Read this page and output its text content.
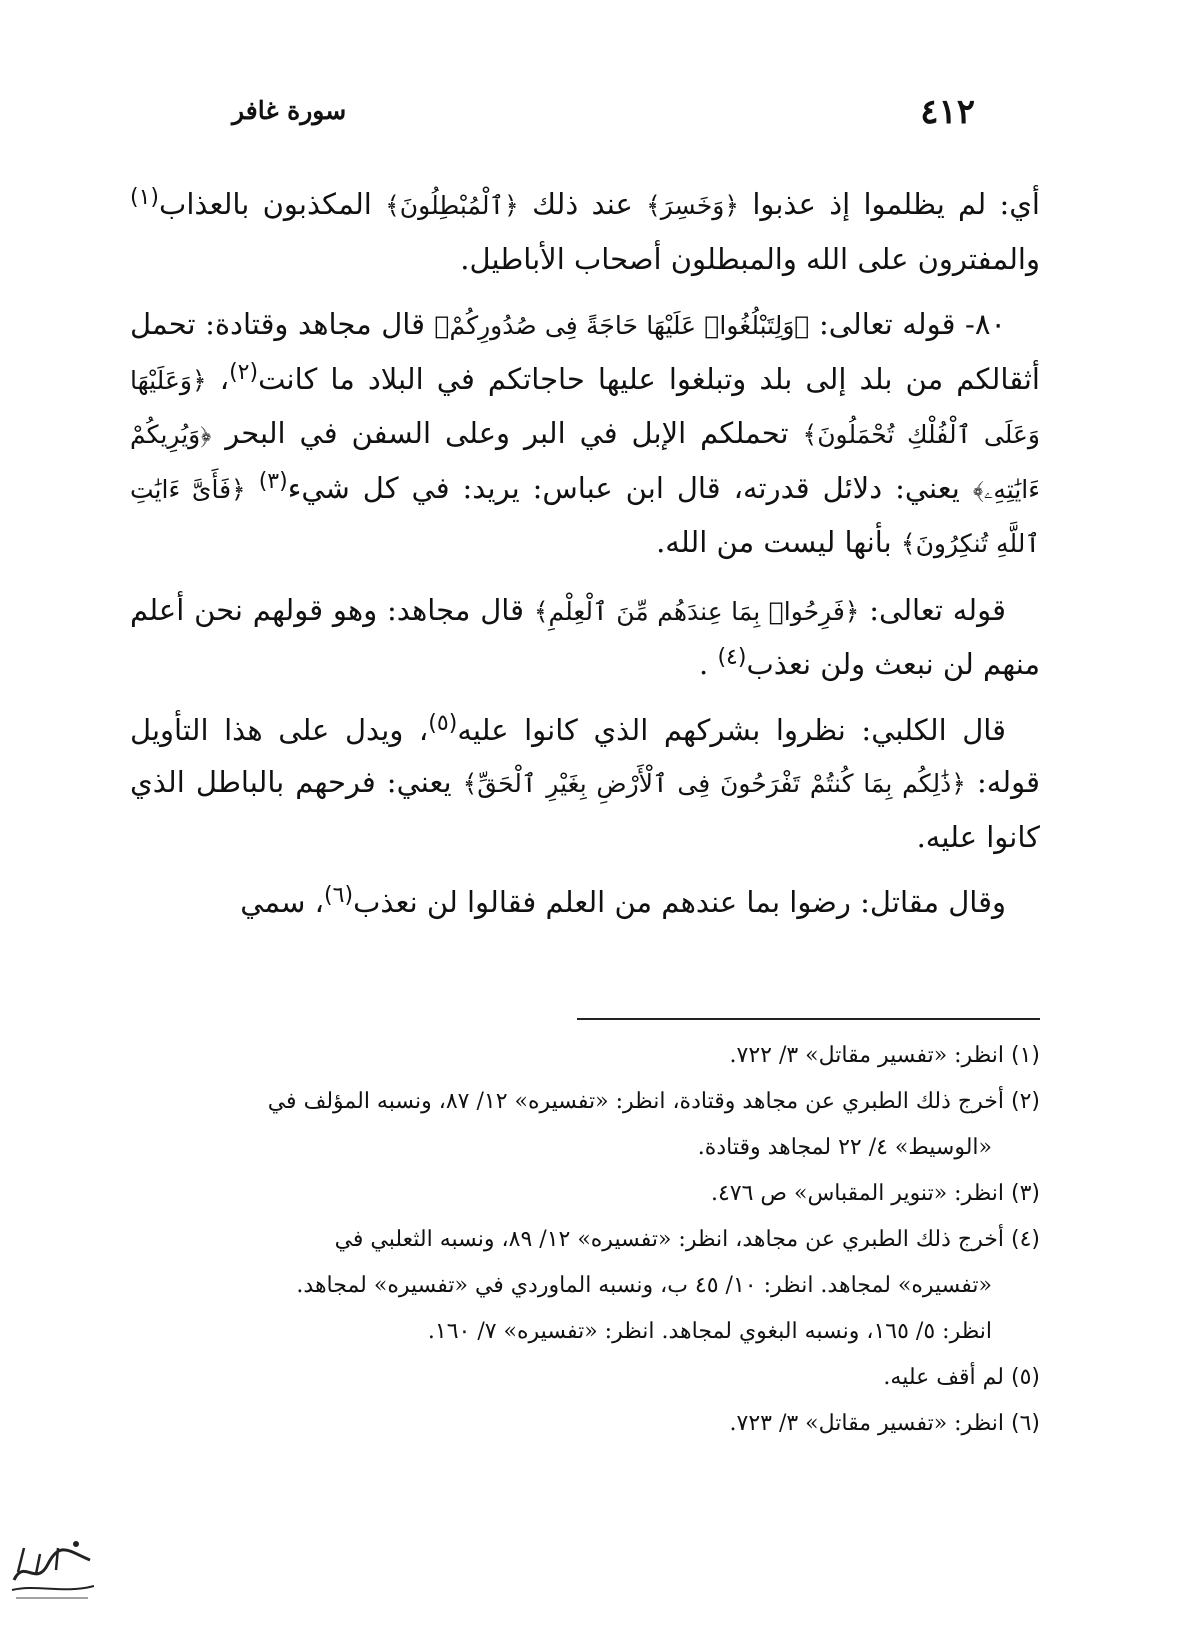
٤١٢
سورة غافر

أي: لم يظلموا إذ عذبوا ﴿وَخَسِرَ﴾ عند ذلك ﴿ٱلْمُبْطِلُونَ﴾ المكذبون بالعذاب$^{(١)}$ والمفترون على الله والمبطلون أصحاب الأباطيل.

٨٠- قوله تعالى: ﴿وَلِتَبْلُغُوا۟ عَلَيْهَا حَاجَةً فِى صُدُورِكُمْ﴾ قال مجاهد وقتادة: تحمل أثقالكم من بلد إلى بلد وتبلغوا عليها حاجاتكم في البلاد ما كانت$^{(٢)}$، ﴿وَعَلَيْهَا وَعَلَى ٱلْفُلْكِ تُحْمَلُونَ﴾ تحملكم الإبل في البر وعلى السفن في البحر ﴿وَيُرِيكُمْ ءَايَٰتِهِۦ﴾ يعني: دلائل قدرته، قال ابن عباس: يريد: في كل شيء$^{(٣)}$ ﴿فَأَىَّ ءَايَٰتِ ٱللَّهِ تُنكِرُونَ﴾ بأنها ليست من الله.

قوله تعالى: ﴿فَرِحُوا۟ بِمَا عِندَهُم مِّنَ ٱلْعِلْمِ﴾ قال مجاهد: وهو قولهم نحن أعلم منهم لن نبعث ولن نعذب$^{(٤)}$ .

قال الكلبي: نظروا بشركهم الذي كانوا عليه$^{(٥)}$، ويدل على هذا التأويل قوله: ﴿ذَٰلِكُم بِمَا كُنتُمْ تَفْرَحُونَ فِى ٱلْأَرْضِ بِغَيْرِ ٱلْحَقِّ﴾ يعني: فرحهم بالباطل الذي كانوا عليه.

وقال مقاتل: رضوا بما عندهم من العلم فقالوا لن نعذب$^{(٦)}$، سمي

(١) انظر: «تفسير مقاتل» ٣/ ٧٢٢.

(٢) أخرج ذلك الطبري عن مجاهد وقتادة، انظر: «تفسيره» ١٢/ ٨٧، ونسبه المؤلف في

«الوسيط» ٤/ ٢٢ لمجاهد وقتادة.

(٣) انظر: «تنوير المقباس» ص ٤٧٦.

(٤) أخرج ذلك الطبري عن مجاهد، انظر: «تفسيره» ١٢/ ٨٩، ونسبه الثعلبي في

«تفسيره» لمجاهد. انظر: ١٠/ ٤٥ ب، ونسبه الماوردي في «تفسيره» لمجاهد.

انظر: ٥/ ١٦٥، ونسبه البغوي لمجاهد. انظر: «تفسيره» ٧/ ١٦٠.

(٥) لم أقف عليه.

(٦) انظر: «تفسير مقاتل» ٣/ ٧٢٣.
